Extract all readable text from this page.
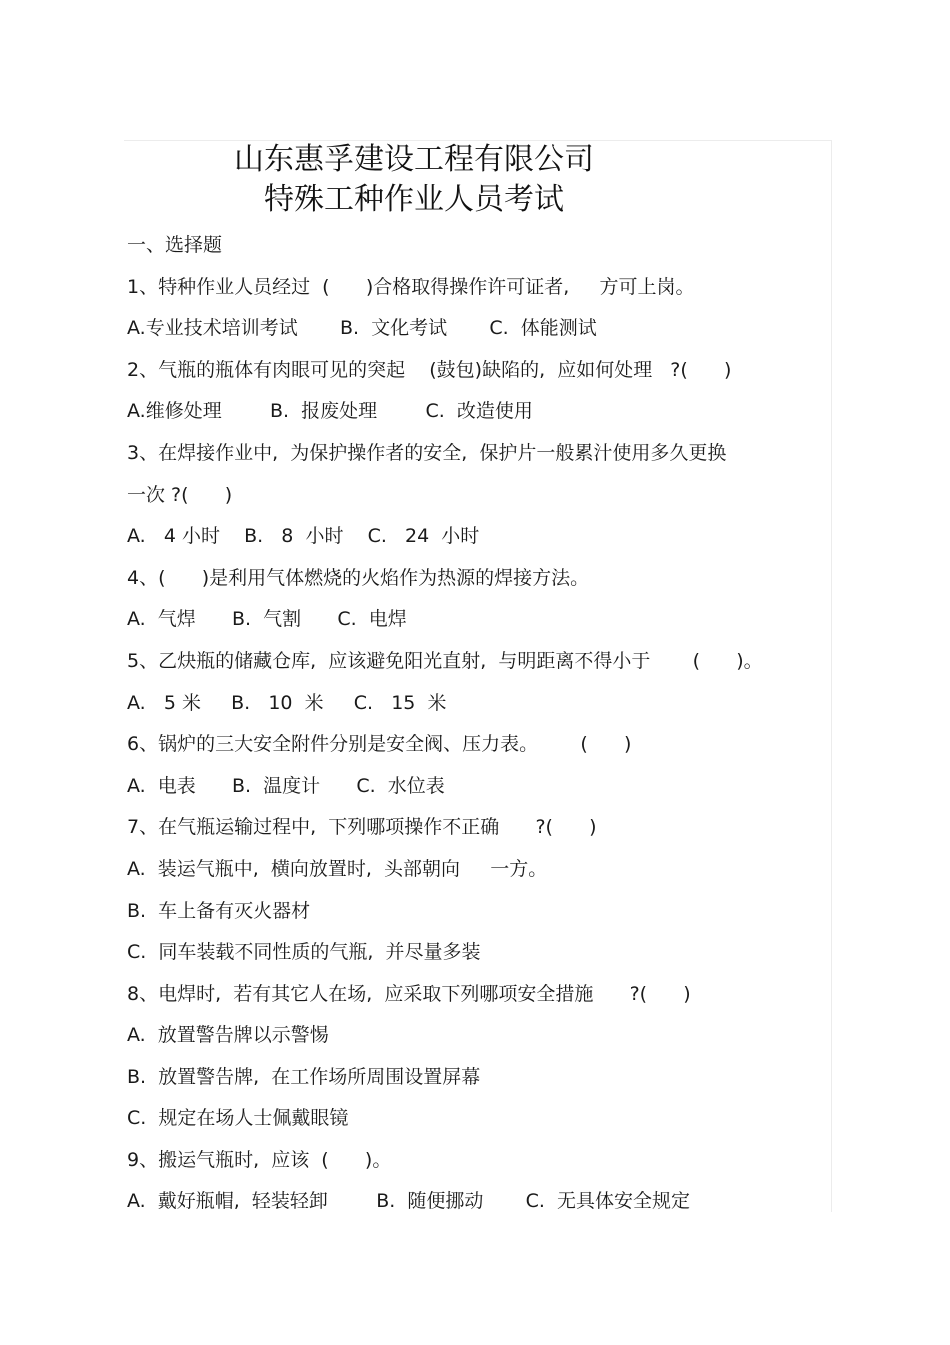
山东惠孚建设工程有限公司
特殊工种作业人员考试
一、选择题
1、特种作业人员经过  (      )合格取得操作许可证者,     方可上岗。
A.专业技术培训考试       B.  文化考试       C.  体能测试
2、气瓶的瓶体有肉眼可见的突起    (鼓包)缺陷的,  应如何处理   ?(      )
A.维修处理        B.  报废处理        C.  改造使用
3、在焊接作业中,  为保护操作者的安全,  保护片一般累汁使用多久更换
一次 ?(      )
A.   4 小时    B.   8  小时    C.   24  小时
4、(      )是利用气体燃烧的火焰作为热源的焊接方法。
A.  气焊      B.  气割      C.  电焊
5、乙炔瓶的储藏仓库,  应该避免阳光直射,  与明距离不得小于       (      )。
A.   5 米     B.   10  米     C.   15  米
6、锅炉的三大安全附件分别是安全阀、压力表。       (      )
A.  电表      B.  温度计      C.  水位表
7、在气瓶运输过程中,  下列哪项操作不正确      ?(      )
A.  装运气瓶中,  横向放置时,  头部朝向     一方。
B.  车上备有灭火器材
C.  同车装载不同性质的气瓶,  并尽量多装
8、电焊时,  若有其它人在场,  应采取下列哪项安全措施      ?(      )
A.  放置警告牌以示警惕
B.  放置警告牌,  在工作场所周围设置屏幕
C.  规定在场人士佩戴眼镜
9、搬运气瓶时,  应该  (      )。
A.  戴好瓶帽,  轻装轻卸        B.  随便挪动       C.  无具体安全规定
